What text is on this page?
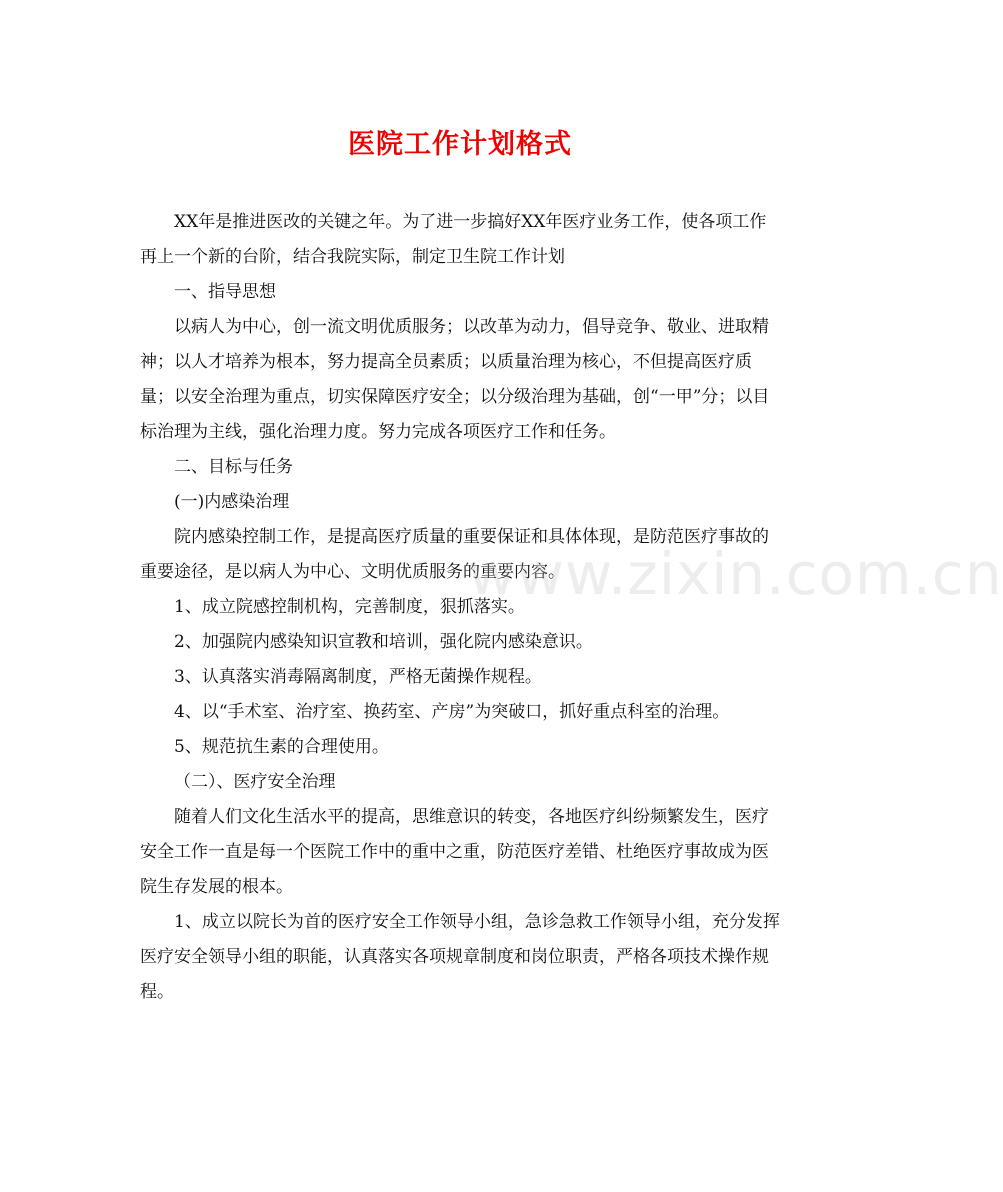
医院工作计划格式

XX年是推进医改的关键之年。为了进一步搞好XX年医疗业务工作，使各项工作再上一个新的台阶，结合我院实际，制定卫生院工作计划

一、指导思想

以病人为中心，创一流文明优质服务；以改革为动力，倡导竞争、敬业、进取精神；以人才培养为根本，努力提高全员素质；以质量治理为核心，不但提高医疗质量；以安全治理为重点，切实保障医疗安全；以分级治理为基础，创“一甲”分；以目标治理为主线，强化治理力度。努力完成各项医疗工作和任务。

二、目标与任务

(一)内感染治理

院内感染控制工作，是提高医疗质量的重要保证和具体体现，是防范医疗事故的重要途径，是以病人为中心、文明优质服务的重要内容。

1、成立院感控制机构，完善制度，狠抓落实。

2、加强院内感染知识宣教和培训，强化院内感染意识。

3、认真落实消毒隔离制度，严格无菌操作规程。

4、以“手术室、治疗室、换药室、产房”为突破口，抓好重点科室的治理。

5、规范抗生素的合理使用。

（二）、医疗安全治理

随着人们文化生活水平的提高，思维意识的转变，各地医疗纠纷频繁发生，医疗安全工作一直是每一个医院工作中的重中之重，防范医疗差错、杜绝医疗事故成为医院生存发展的根本。

1、成立以院长为首的医疗安全工作领导小组，急诊急救工作领导小组，充分发挥医疗安全领导小组的职能，认真落实各项规章制度和岗位职责，严格各项技术操作规程。

www.zixin.com.cn
